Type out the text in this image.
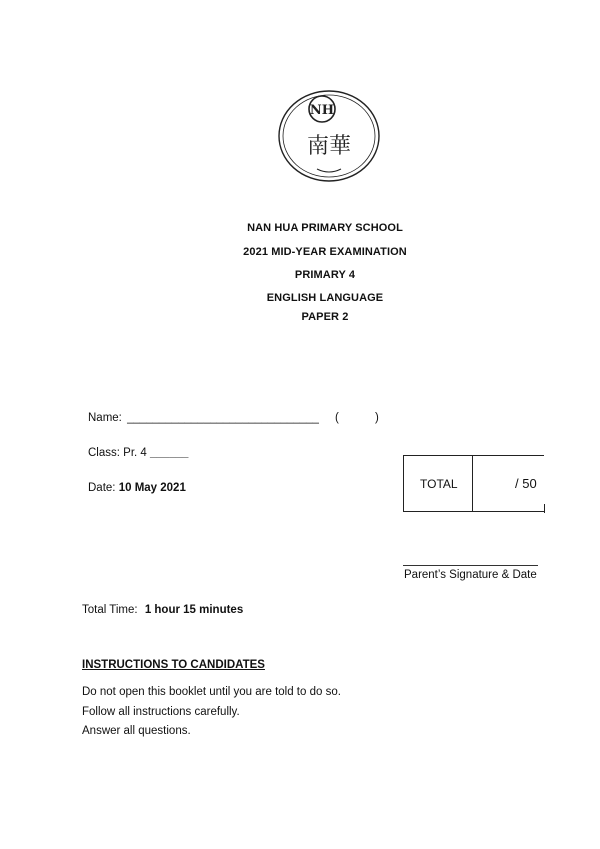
NH
南華
NAN HUA PRIMARY SCHOOL
2021 MID-YEAR EXAMINATION
PRIMARY 4
ENGLISH LANGUAGE
PAPER 2
Name: ______________________________ (	)
Class: Pr. 4 ______
Date: 10 May 2021	TOTAL	/ 50
Parent’s Signature & Date
Total Time: 1 hour 15 minutes
INSTRUCTIONS TO CANDIDATES
Do not open this booklet until you are told to do so.
Follow all instructions carefully.
Answer all questions.
